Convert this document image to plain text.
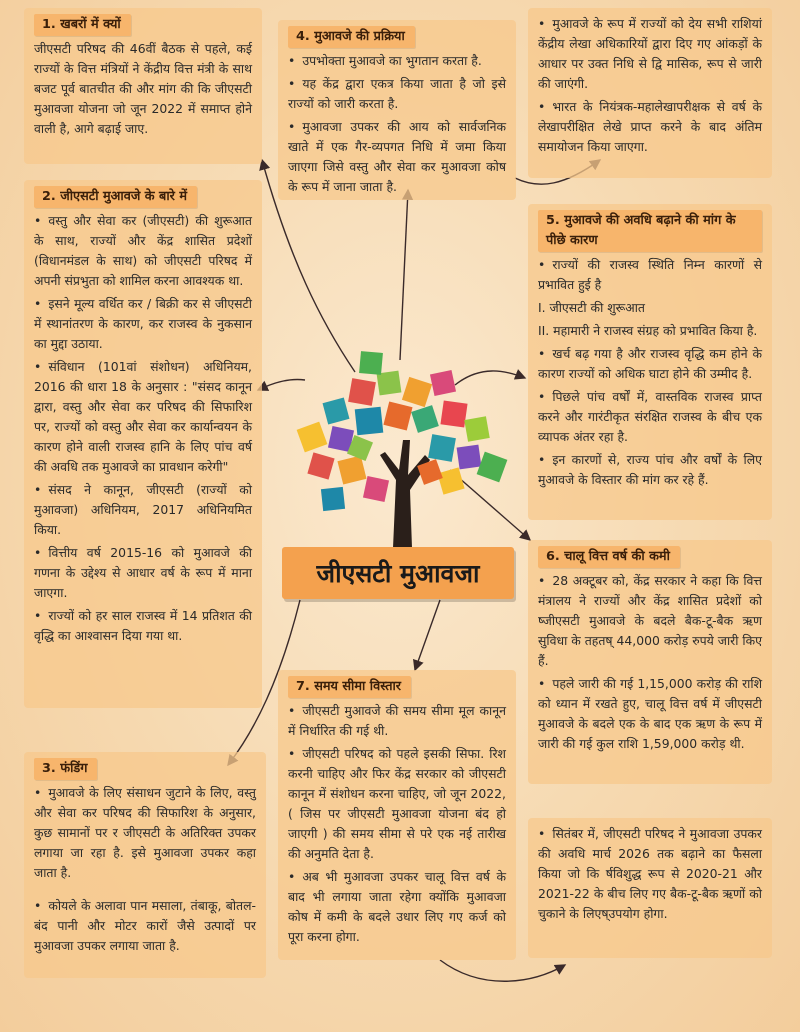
1. खबरों में क्यों
जीएसटी परिषद की 46वीं बैठक से पहले, कई राज्यों के वित्त मंत्रियों ने केंद्रीय वित्त मंत्री के साथ बजट पूर्व बातचीत की और मांग की कि जीएसटी मुआवजा योजना जो जून 2022 में समाप्त होने वाली है, आगे बढ़ाई जाए.
2. जीएसटी मुआवजे के बारे में
• वस्तु और सेवा कर (जीएसटी) की शुरूआत के साथ, राज्यों और केंद्र शासित प्रदेशों (विधानमंडल के साथ) को जीएसटी परिषद में अपनी संप्रभुता को शामिल करना आवश्यक था.
• इसने मूल्य वर्धित कर / बिक्री कर से जीएसटी में स्थानांतरण के कारण, कर राजस्व के नुकसान का मुद्दा उठाया.
• संविधान (101वां संशोधन) अधिनियम, 2016 की धारा 18 के अनुसार : "संसद कानून द्वारा, वस्तु और सेवा कर परिषद की सिफारिश पर, राज्यों को वस्तु और सेवा कर कार्यान्वयन के कारण होने वाली राजस्व हानि के लिए पांच वर्ष की अवधि तक मुआवजे का प्रावधान करेगी"
• संसद ने कानून, जीएसटी (राज्यों को मुआवजा) अधिनियम, 2017 अधिनियमित किया.
• वित्तीय वर्ष 2015-16 को मुआवजे की गणना के उद्देश्य से आधार वर्ष के रूप में माना जाएगा.
• राज्यों को हर साल राजस्व में 14 प्रतिशत की वृद्धि का आश्वासन दिया गया था.
3. फंडिंग
• मुआवजे के लिए संसाधन जुटाने के लिए, वस्तु और सेवा कर परिषद की सिफारिश के अनुसार, कुछ सामानों पर र जीएसटी के अतिरिक्त उपकर लगाया जा रहा है. इसे मुआवजा उपकर कहा जाता है.
• कोयले के अलावा पान मसाला, तंबाकू, बोतल-बंद पानी और मोटर कारों जैसे उत्पादों पर मुआवजा उपकर लगाया जाता है.
4. मुआवजे की प्रक्रिया
• उपभोक्ता मुआवजे का भुगतान करता है.
• यह केंद्र द्वारा एकत्र किया जाता है जो इसे राज्यों को जारी करता है.
• मुआवजा उपकर की आय को सार्वजनिक खाते में एक गैर-व्यपगत निधि में जमा किया जाएगा जिसे वस्तु और सेवा कर मुआवजा कोष के रूप में जाना जाता है.
• मुआवजे के रूप में राज्यों को देय सभी राशियां केंद्रीय लेखा अधिकारियों द्वारा दिए गए आंकड़ों के आधार पर उक्त निधि से द्वि मासिक, रूप से जारी की जाएंगी.
• भारत के नियंत्रक-महालेखापरीक्षक से वर्ष के लेखापरीक्षित लेखे प्राप्त करने के बाद अंतिम समायोजन किया जाएगा.
5. मुआवजे की अवधि बढ़ाने की मांग के पीछे कारण
• राज्यों की राजस्व स्थिति निम्न कारणों से प्रभावित हुई है
I. जीएसटी की शुरूआत
II. महामारी ने राजस्व संग्रह को प्रभावित किया है.
• खर्च बढ़ गया है और राजस्व वृद्धि कम होने के कारण राज्यों को अधिक घाटा होने की उम्मीद है.
• पिछले पांच वर्षों में, वास्तविक राजस्व प्राप्त करने और गारंटीकृत संरक्षित राजस्व के बीच एक व्यापक अंतर रहा है.
• इन कारणों से, राज्य पांच और वर्षों के लिए मुआवजे के विस्तार की मांग कर रहे हैं.
6. चालू वित्त वर्ष की कमी
• 28 अक्टूबर को, केंद्र सरकार ने कहा कि वित्त मंत्रालय ने राज्यों और केंद्र शासित प्रदेशों को ष्जीएसटी मुआवजे के बदले बैक-टू-बैक ऋण सुविधा के तहतष् 44,000 करोड़ रुपये जारी किए हैं.
• पहले जारी की गई 1,15,000 करोड़ की राशि को ध्यान में रखते हुए, चालू वित्त वर्ष में जीएसटी मुआवजे के बदले एक के बाद एक ऋण के रूप में जारी की गई कुल राशि 1,59,000 करोड़ थी.
• सितंबर में, जीएसटी परिषद ने मुआवजा उपकर की अवधि मार्च 2026 तक बढ़ाने का फैसला किया जो कि र्षविशुद्ध रूप से 2020-21 और 2021-22 के बीच लिए गए बैक-टू-बैक ऋणों को चुकाने के लिएष्उपयोग होगा.
7. समय सीमा विस्तार
• जीएसटी मुआवजे की समय सीमा मूल कानून में निर्धारित की गई थी.
• जीएसटी परिषद को पहले इसकी सिफा. रिश करनी चाहिए और फिर केंद्र सरकार को जीएसटी कानून में संशोधन करना चाहिए, जो जून 2022, ( जिस पर जीएसटी मुआवजा योजना बंद हो जाएगी ) की समय सीमा से परे एक नई तारीख की अनुमति देता है.
• अब भी मुआवजा उपकर चालू वित्त वर्ष के बाद भी लगाया जाता रहेगा क्योंकि मुआवजा कोष में कमी के बदले उधार लिए गए कर्ज को पूरा करना होगा.
जीएसटी मुआवजा
